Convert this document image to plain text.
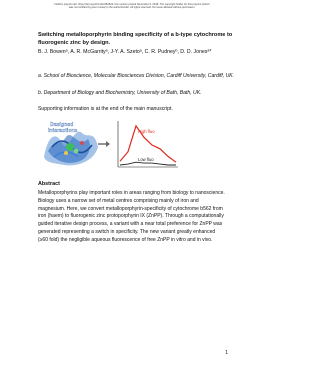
bioRxiv preprint doi: https://doi.org/10.1101/452623; this version posted November 6, 2018. The copyright holder for this preprint (which
was not certified by peer review) is the author/funder. All rights reserved. No reuse allowed without permission.
Switching metalloporphyrin binding specificity of a b-type cytochrome to
fluorogenic zinc by design.
B. J. Bowenᵃ, A. R. McGarrityᵃ, J-Y. A. Szetoᵃ, C. R. Pudneyᵇ, D. D. Jonesᵃ*
a. School of Bioscience, Molecular Biosciences Division, Cardiff University, Cardiff, UK.
b. Department of Biology and Biochemistry, University of Bath, Bath, UK.
Supporting information is at the end of the main manuscript.
Designed
interactions	High fluo
Low fluo
Abstract
Metalloporphyrins play important roles in areas ranging from biology to nanoscience.
Biology uses a narrow set of metal centres comprising mainly of iron and
magnesium. Here, we convert metalloporphyrin-specificity of cytochrome b562 from
iron (haem) to fluorogenic zinc protoporphyrin IX (ZnPP). Through a computationally
guided iterative design process, a variant with a near total preference for ZnPP was
generated representing a switch in specificity. The new variant greatly enhanced
(≥60 fold) the negligible aqueous fluorescence of free ZnPP in vitro and in vivo.
1
